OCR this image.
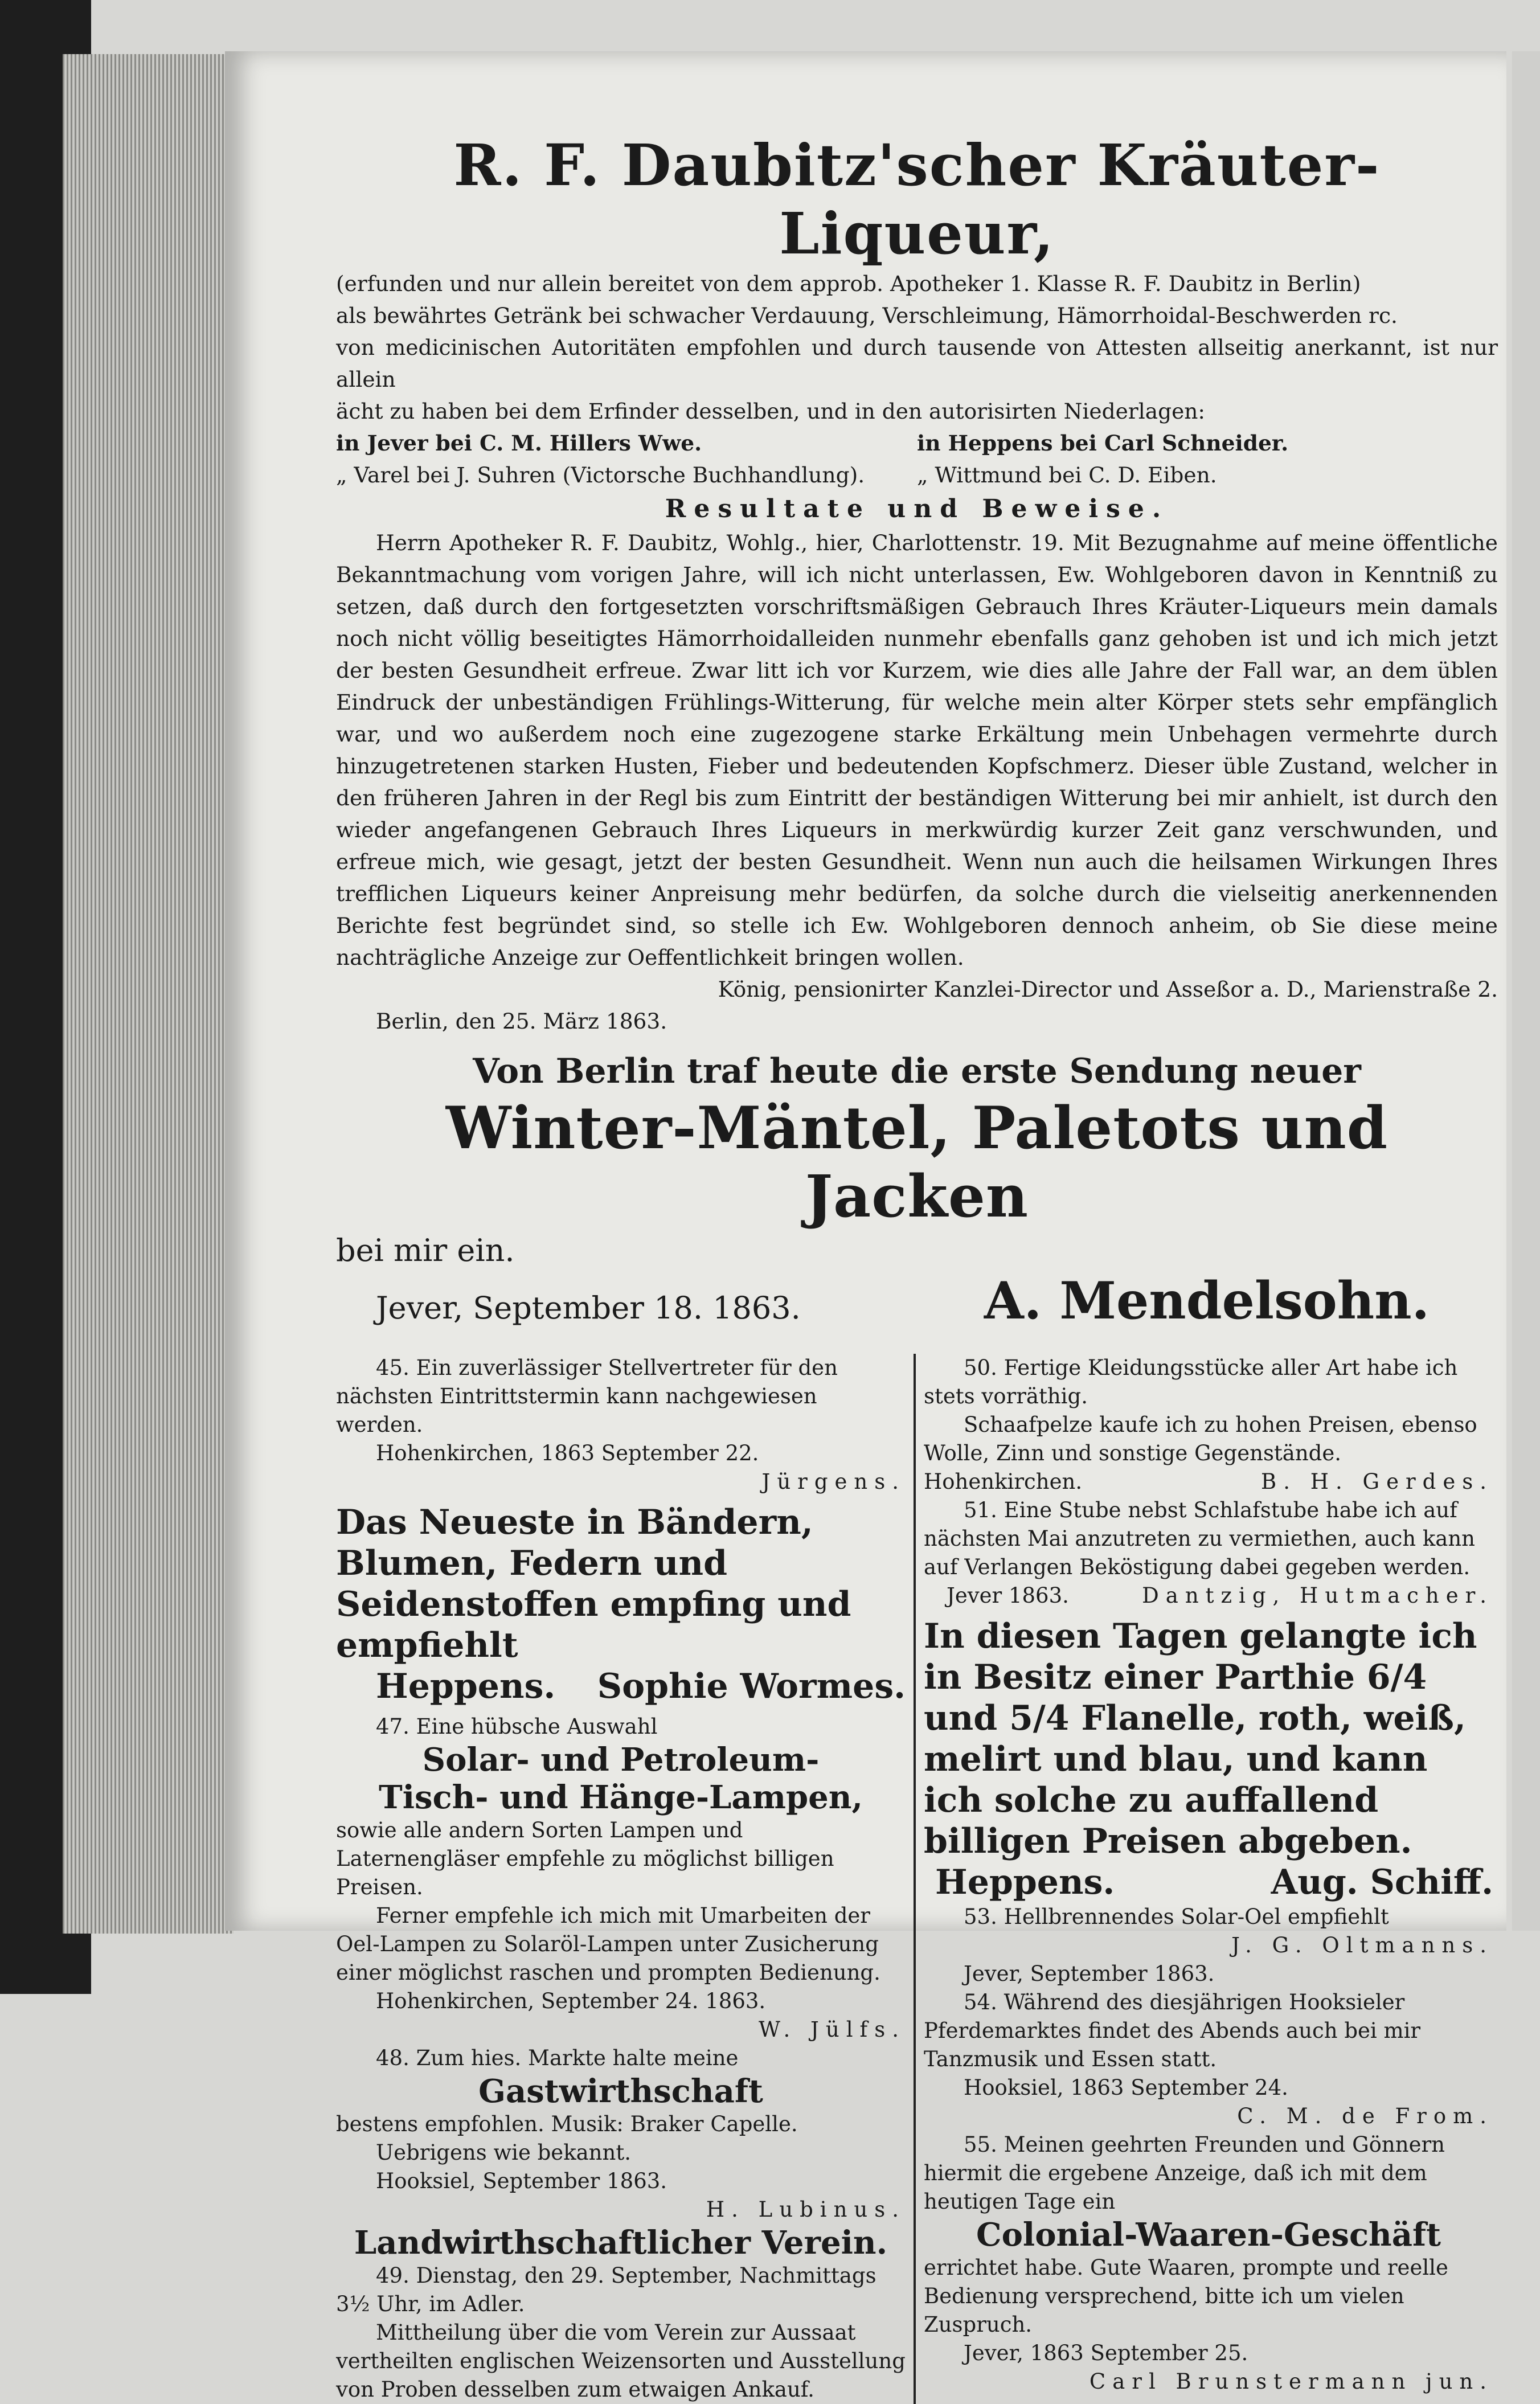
R. F. Daubitz'scher Kräuter-Liqueur,
(erfunden und nur allein bereitet von dem approb. Apotheker 1. Klasse R. F. Daubitz in Berlin)
als bewährtes Getränk bei schwacher Verdauung, Verschleimung, Hämorrhoidal-Beschwerden rc.
von medicinischen Autoritäten empfohlen und durch tausende von Attesten allseitig anerkannt, ist nur allein
ächt zu haben bei dem Erfinder desselben, und in den autorisirten Niederlagen:
in Jever bei C. M. Hillers Wwe.	in Heppens bei Carl Schneider.
„ Varel bei J. Suhren (Victorsche Buchhandlung).	„ Wittmund bei C. D. Eiben.
Resultate und Beweise.
Herrn Apotheker R. F. Daubitz, Wohlg., hier, Charlottenstr. 19. Mit Bezugnahme auf meine öffentliche Bekanntmachung vom vorigen Jahre, will ich nicht unterlassen, Ew. Wohlgeboren davon in Kenntniß zu setzen, daß durch den fortgesetzten vorschriftsmäßigen Gebrauch Ihres Kräuter-Liqueurs mein damals noch nicht völlig beseitigtes Hämorrhoidalleiden nunmehr ebenfalls ganz gehoben ist und ich mich jetzt der besten Gesundheit erfreue. Zwar litt ich vor Kurzem, wie dies alle Jahre der Fall war, an dem üblen Eindruck der unbeständigen Frühlings-Witterung, für welche mein alter Körper stets sehr empfänglich war, und wo außerdem noch eine zugezogene starke Erkältung mein Unbehagen vermehrte durch hinzugetretenen starken Husten, Fieber und bedeutenden Kopfschmerz. Dieser üble Zustand, welcher in den früheren Jahren in der Regl bis zum Eintritt der beständigen Witterung bei mir anhielt, ist durch den wieder angefangenen Gebrauch Ihres Liqueurs in merkwürdig kurzer Zeit ganz verschwunden, und erfreue mich, wie gesagt, jetzt der besten Gesundheit. Wenn nun auch die heilsamen Wirkungen Ihres trefflichen Liqueurs keiner Anpreisung mehr bedürfen, da solche durch die vielseitig anerkennenden Berichte fest begründet sind, so stelle ich Ew. Wohlgeboren dennoch anheim, ob Sie diese meine nachträgliche Anzeige zur Oeffentlichkeit bringen wollen.
König, pensionirter Kanzlei-Director und Asseßor a. D., Marienstraße 2.
Berlin, den 25. März 1863.
Von Berlin traf heute die erste Sendung neuer
Winter-Mäntel, Paletots und Jacken
bei mir ein.
Jever, September 18. 1863.	A. Mendelsohn.

45. Ein zuverlässiger Stellvertreter für den nächsten Eintrittstermin kann nachgewiesen werden.

Hohenkirchen, 1863 September 22.

Jürgens.

Das Neueste in Bändern, Blumen, Federn und Seidenstoffen empfing und empfiehlt

Heppens. Sophie Wormes.

47. Eine hübsche Auswahl

Solar- und Petroleum-

Tisch- und Hänge-Lampen,

sowie alle andern Sorten Lampen und Laternengläser empfehle zu möglichst billigen Preisen.

Ferner empfehle ich mich mit Umarbeiten der Oel-Lampen zu Solaröl-Lampen unter Zusicherung einer möglichst raschen und prompten Bedienung.

Hohenkirchen, September 24. 1863.

W. Jülfs.

48. Zum hies. Markte halte meine

Gastwirthschaft

bestens empfohlen. Musik: Braker Capelle.

Uebrigens wie bekannt.

Hooksiel, September 1863.

H. Lubinus.

Landwirthschaftlicher Verein.

49. Dienstag, den 29. September, Nachmittags 3½ Uhr, im Adler.

Mittheilung über die vom Verein zur Aussaat vertheilten englischen Weizensorten und Ausstellung von Proben desselben zum etwaigen Ankauf.

50. Fertige Kleidungsstücke aller Art habe ich stets vorräthig.

Schaafpelze kaufe ich zu hohen Preisen, ebenso Wolle, Zinn und sonstige Gegenstände.

Hohenkirchen.	B. H. Gerdes.

51. Eine Stube nebst Schlafstube habe ich auf nächsten Mai anzutreten zu vermiethen, auch kann auf Verlangen Beköstigung dabei gegeben werden.

Jever 1863.	Dantzig, Hutmacher.

In diesen Tagen gelangte ich in Besitz einer Parthie 6/4 und 5/4 Flanelle, roth, weiß, melirt und blau, und kann ich solche zu auffallend billigen Preisen abgeben.

Heppens.	Aug. Schiff.

53. Hellbrennendes Solar-Oel empfiehlt

J. G. Oltmanns.

Jever, September 1863.

54. Während des diesjährigen Hooksieler Pferdemarktes findet des Abends auch bei mir Tanzmusik und Essen statt.

Hooksiel, 1863 September 24.

C. M. de From.

55. Meinen geehrten Freunden und Gönnern hiermit die ergebene Anzeige, daß ich mit dem heutigen Tage ein

Colonial-Waaren-Geschäft

errichtet habe. Gute Waaren, prompte und reelle Bedienung versprechend, bitte ich um vielen Zuspruch.

Jever, 1863 September 25.

Carl Brunstermann jun.
